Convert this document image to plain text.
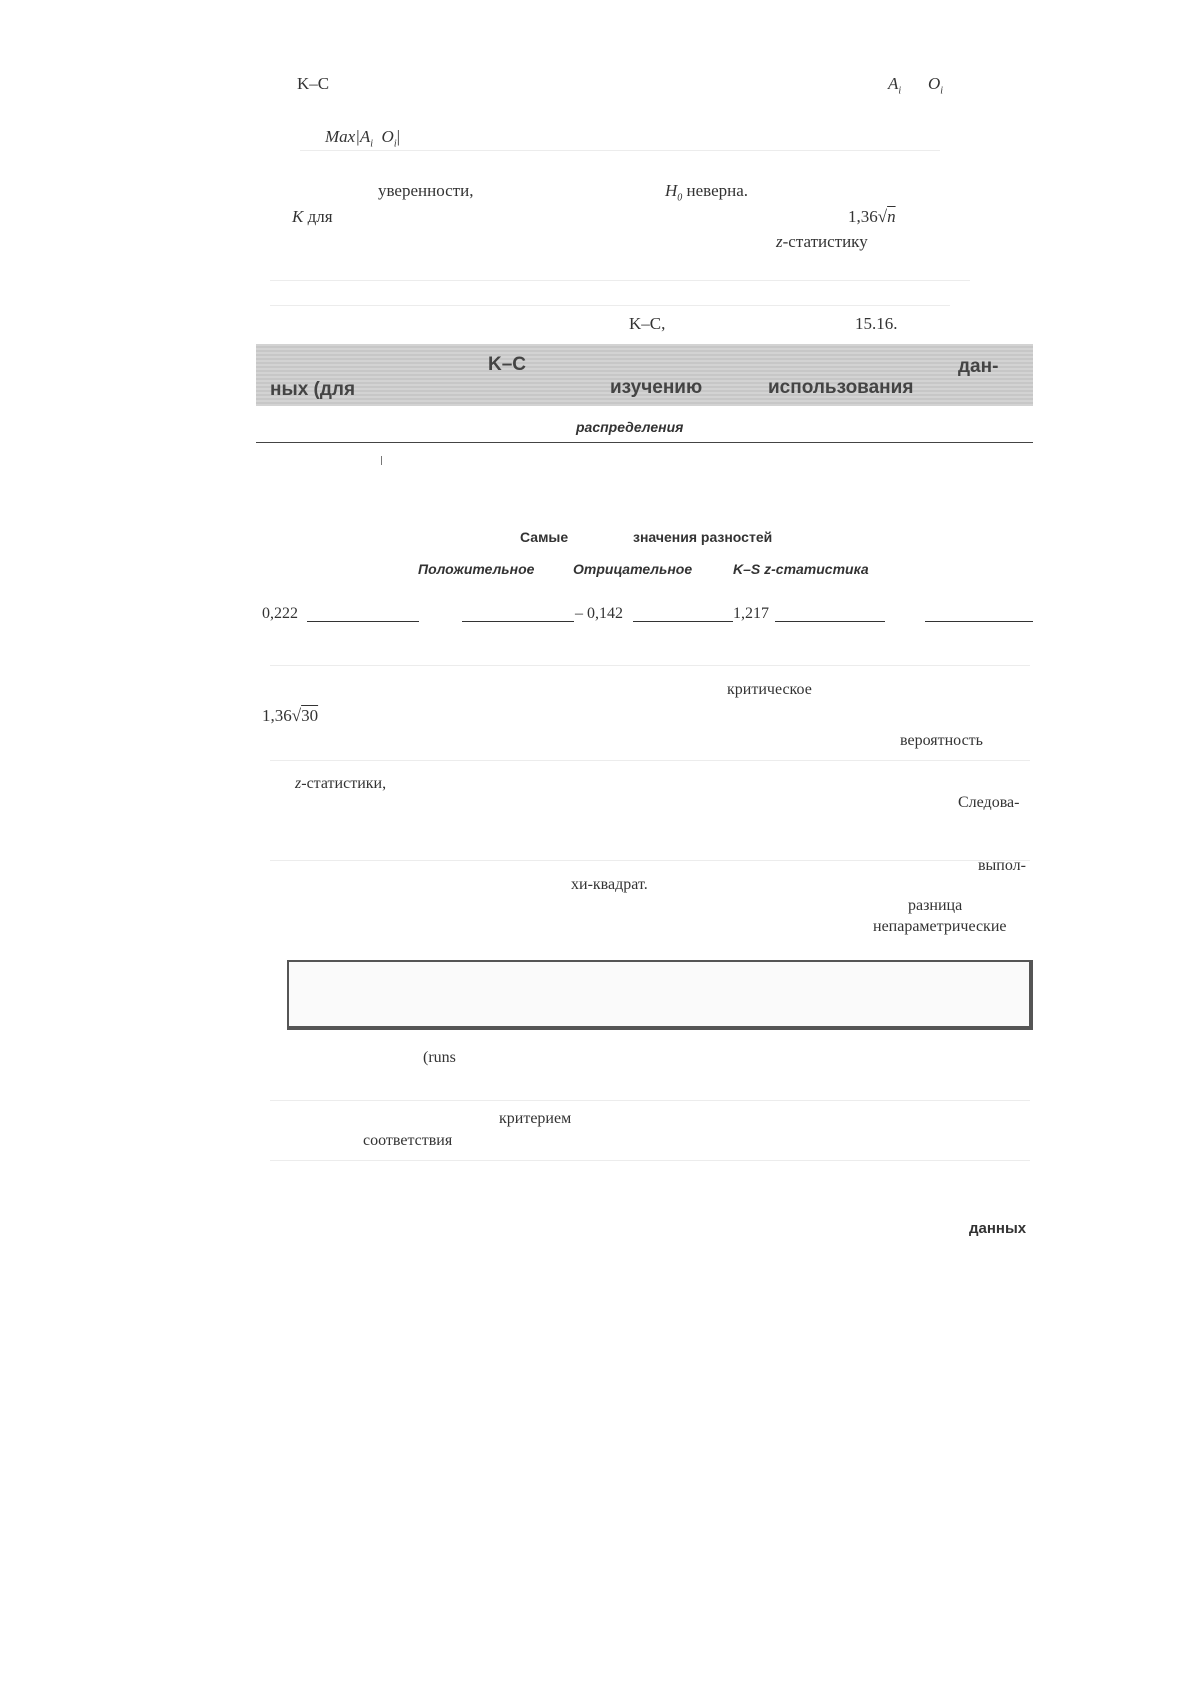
K–C	$A_i$ $O_i$
$Max|A_i$ $O_i|$
уверенности,	$H_0$ неверна.
K для	1,36√n
z-статистику
K–C,	15.16.
K–C	дан-
ных (для	изучению	использования
распределения
Самые	значения разностей
Положительное	Отрицательное	K–S z-статистика
0,222	– 0,142	1,217
критическое
1,36√30
вероятность
z-статистики,
Следова-
выпол-
хи-квадрат.
разница
непараметрические
(runs
критерием
соответствия
данных
